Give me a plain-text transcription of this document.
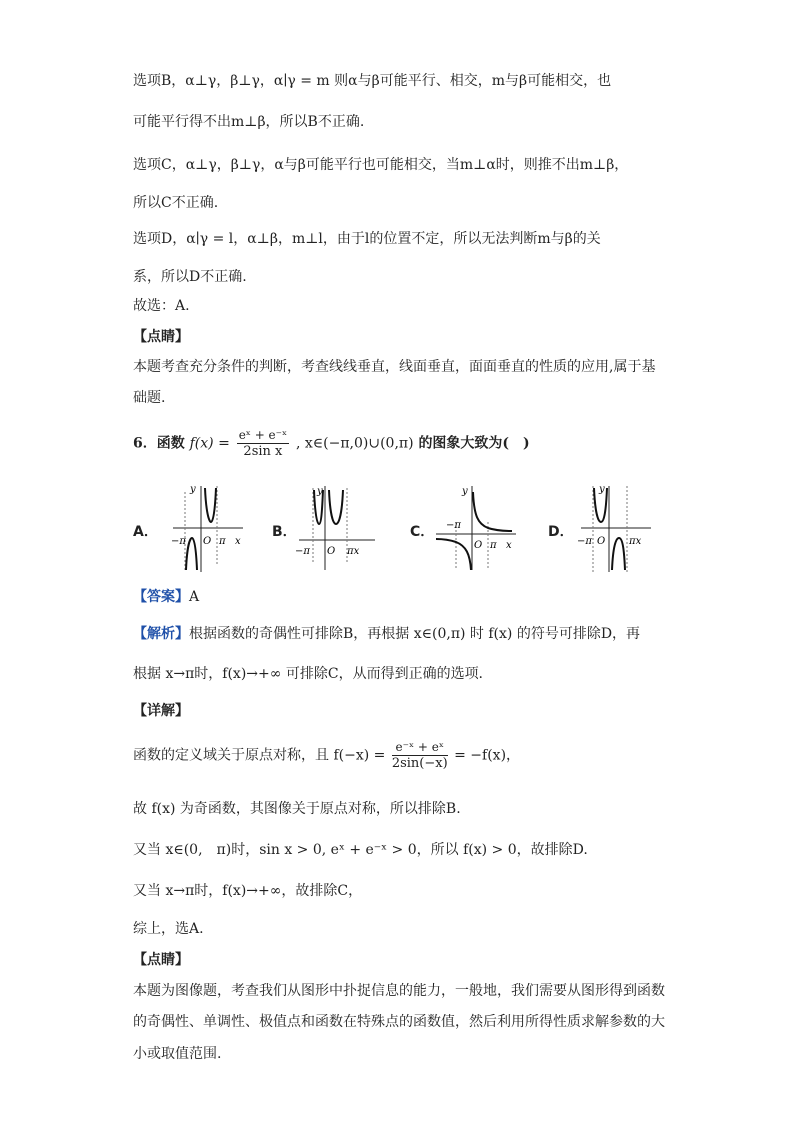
选项B，α⊥γ，β⊥γ，α∣γ = m 则α与β可能平行、相交，m与β可能相交，也
可能平行得不出m⊥β，所以B不正确.
选项C，α⊥γ，β⊥γ，α与β可能平行也可能相交，当m⊥α时，则推不出m⊥β，
所以C不正确.
选项D，α∣γ = l，α⊥β，m⊥l，由于l的位置不定，所以无法判断m与β的关
系，所以D不正确.
故选：A.
【点睛】
本题考查充分条件的判断，考查线线垂直，线面垂直，面面垂直的性质的应用,属于基
础题.
6．函数 $f(x) = \frac{\text{eˣ + e⁻ˣ}}{\text{2sin x}}$ , x∈(−π,0)∪(0,π) 的图象大致为(　)
A．	B．	C．	D．
y
−π O π x
y
−π O πx
y
−π
O π x
y
−π O πx
【答案】A
【解析】根据函数的奇偶性可排除B，再根据 x∈(0,π) 时 f(x) 的符号可排除D，再
根据 x→π时，f(x)→+∞ 可排除C，从而得到正确的选项.
【详解】
函数的定义域关于原点对称，且 $f(-x) = \frac{\text{e⁻ˣ + eˣ}}{2\sin(-x)} = -f(x)$，
故 f(x) 为奇函数，其图像关于原点对称，所以排除B.
又当 x∈(0,　π)时，sin x > 0, eˣ + e⁻ˣ > 0，所以 f(x) > 0，故排除D.
又当 x→π时，f(x)→+∞，故排除C，
综上，选A.
【点睛】
本题为图像题，考查我们从图形中扑捉信息的能力，一般地，我们需要从图形得到函数
的奇偶性、单调性、极值点和函数在特殊点的函数值，然后利用所得性质求解参数的大
小或取值范围.
